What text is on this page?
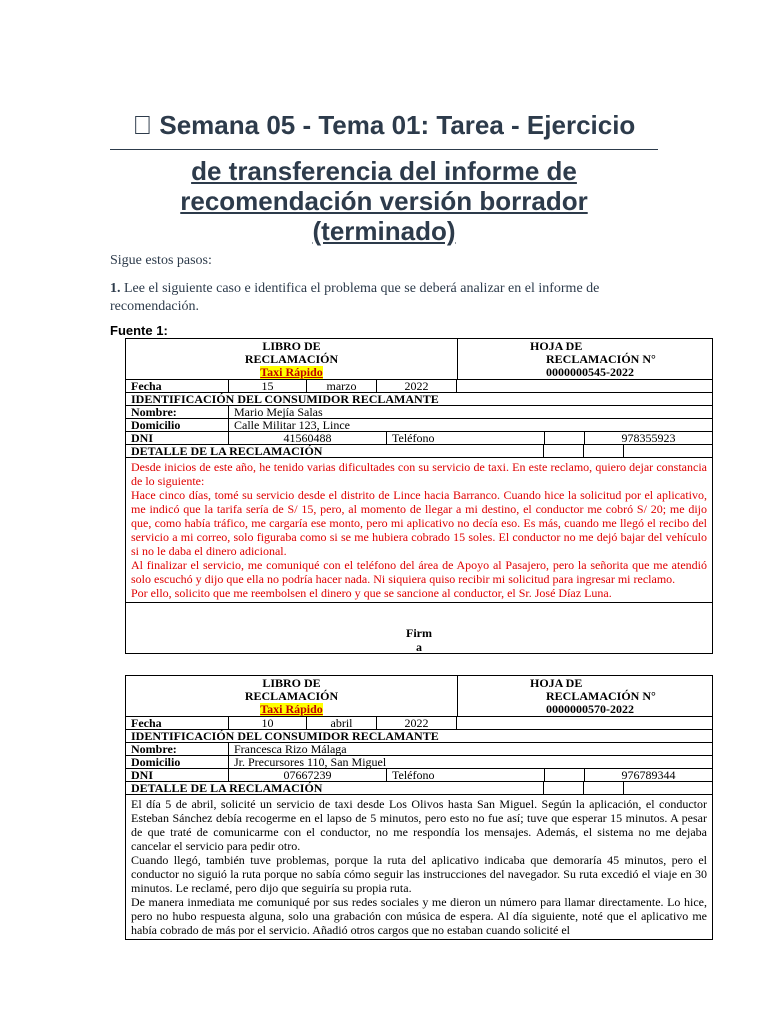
  Semana 05 - Tema 01: Tarea - Ejercicio
de transferencia del informe de
recomendación versión borrador
(terminado)

Sigue estos pasos:

1. Lee el siguiente caso e identifica el problema que se deberá analizar en el informe de recomendación.

Fuente 1:
LIBRO DE
RECLAMACIÓN
Taxi Rápido
HOJA DE
RECLAMACIÓN N°
0000000545-2022
Fecha	15	marzo	2022
IDENTIFICACIÓN DEL CONSUMIDOR RECLAMANTE
Nombre:	Mario Mejía Salas
Domicilio	Calle Militar 123, Lince
DNI	41560488	Teléfono	978355923
DETALLE DE LA RECLAMACIÓN

Desde inicios de este año, he tenido varias dificultades con su servicio de taxi. En este reclamo, quiero dejar constancia de lo siguiente:

Hace cinco días, tomé su servicio desde el distrito de Lince hacia Barranco. Cuando hice la solicitud por el aplicativo, me indicó que la tarifa sería de S/ 15, pero, al momento de llegar a mi destino, el conductor me cobró S/ 20; me dijo que, como había tráfico, me cargaría ese monto, pero mi aplicativo no decía eso. Es más, cuando me llegó el recibo del servicio a mi correo, solo figuraba como si se me hubiera cobrado 15 soles. El conductor no me dejó bajar del vehículo si no le daba el dinero adicional.

Al finalizar el servicio, me comuniqué con el teléfono del área de Apoyo al Pasajero, pero la señorita que me atendió solo escuchó y dijo que ella no podría hacer nada. Ni siquiera quiso recibir mi solicitud para ingresar mi reclamo.

Por ello, solicito que me reembolsen el dinero y que se sancione al conductor, el Sr. José Díaz Luna.

Firm
a
LIBRO DE
RECLAMACIÓN
Taxi Rápido
HOJA DE
RECLAMACIÓN N°
0000000570-2022
Fecha	10	abril	2022
IDENTIFICACIÓN DEL CONSUMIDOR RECLAMANTE
Nombre:	Francesca Rizo Málaga
Domicilio	Jr. Precursores 110, San Miguel
DNI	07667239	Teléfono	976789344
DETALLE DE LA RECLAMACIÓN

El día 5 de abril, solicité un servicio de taxi desde Los Olivos hasta San Miguel. Según la aplicación, el conductor Esteban Sánchez debía recogerme en el lapso de 5 minutos, pero esto no fue así; tuve que esperar 15 minutos. A pesar de que traté de comunicarme con el conductor, no me respondía los mensajes. Además, el sistema no me dejaba cancelar el servicio para pedir otro.

Cuando llegó, también tuve problemas, porque la ruta del aplicativo indicaba que demoraría 45 minutos, pero el conductor no siguió la ruta porque no sabía cómo seguir las instrucciones del navegador. Su ruta excedió el viaje en 30 minutos. Le reclamé, pero dijo que seguiría su propia ruta.

De manera inmediata me comuniqué por sus redes sociales y me dieron un número para llamar directamente. Lo hice, pero no hubo respuesta alguna, solo una grabación con música de espera. Al día siguiente, noté que el aplicativo me había cobrado de más por el servicio. Añadió otros cargos que no estaban cuando solicité el
